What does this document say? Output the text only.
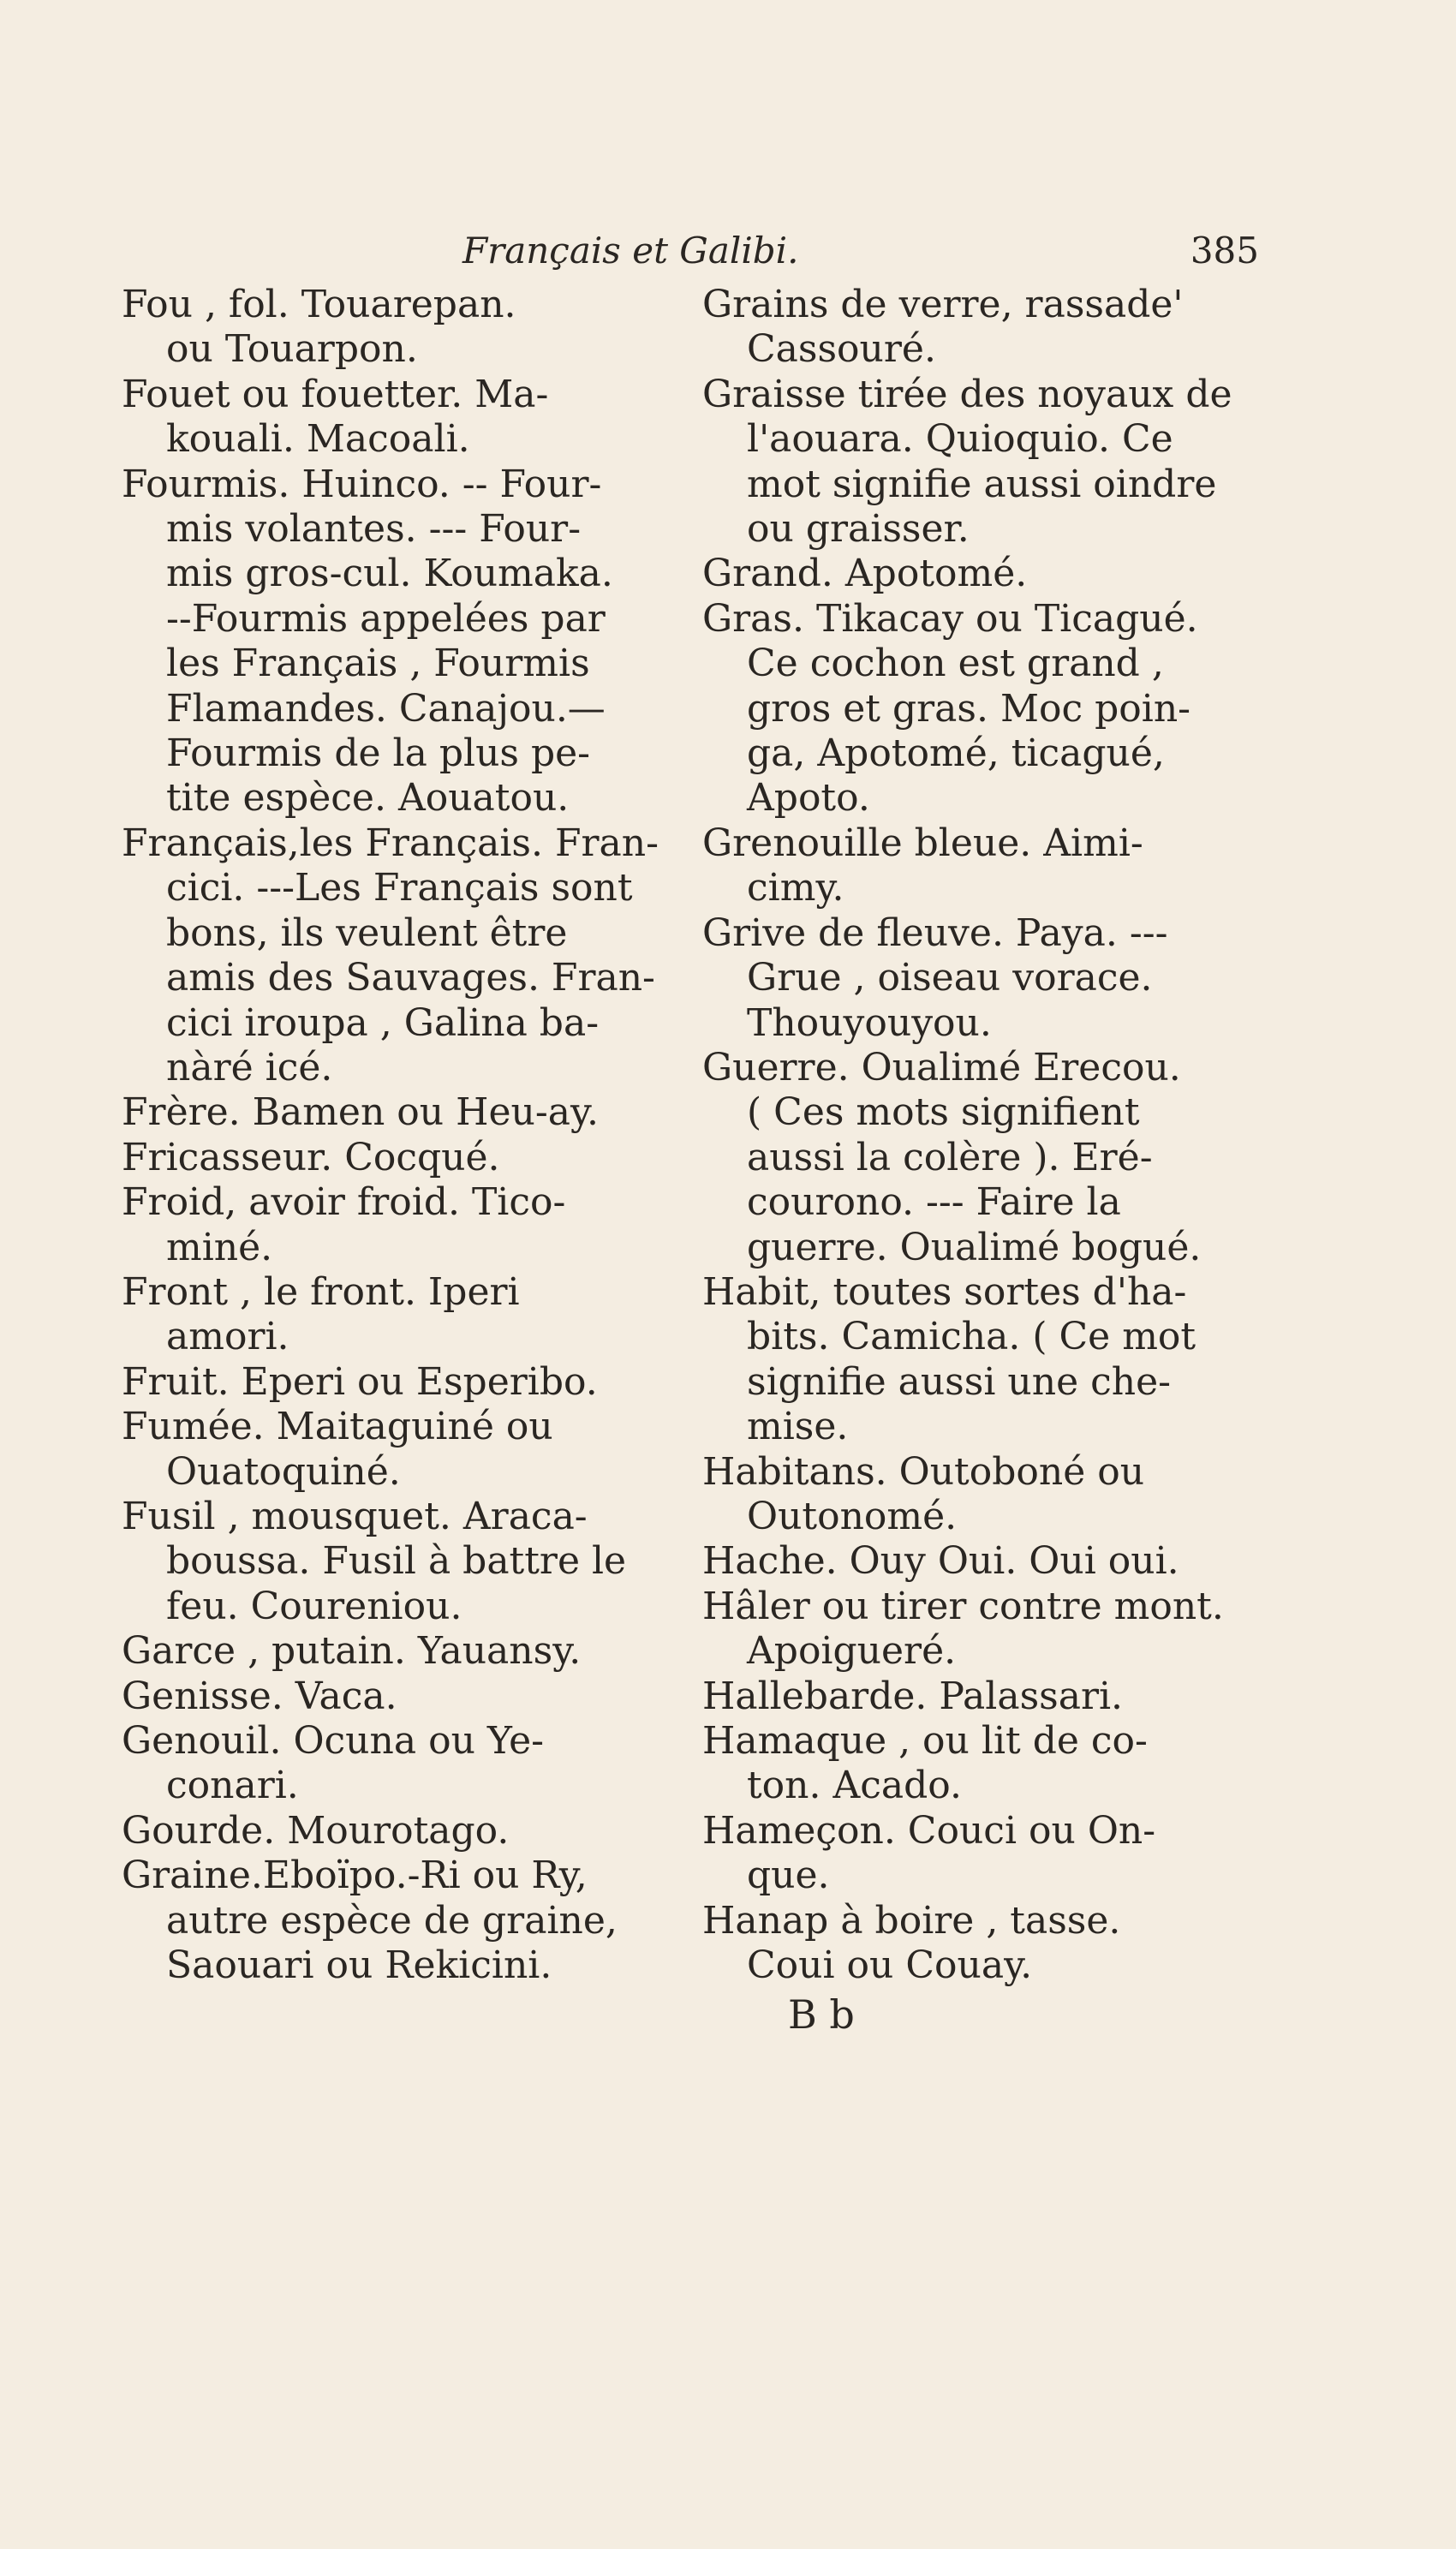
Français et Galibi.	385
Fou , fol. Touarepan.
ou Touarpon.
Fouet ou fouetter. Ma-
kouali. Macoali.
Fourmis. Huinco. -- Four-
mis volantes. --- Four-
mis gros-cul. Koumaka.
--Fourmis appelées par
les Français , Fourmis
Flamandes. Canajou.—
Fourmis de la plus pe-
tite espèce. Aouatou.
Français,les Français. Fran-
cici. ---Les Français sont
bons, ils veulent être
amis des Sauvages. Fran-
cici iroupa , Galina ba-
nàré icé.
Frère. Bamen ou Heu-ay.
Fricasseur. Cocqué.
Froid, avoir froid. Tico-
miné.
Front , le front. Iperi
amori.
Fruit. Eperi ou Esperibo.
Fumée. Maitaguiné ou
Ouatoquiné.
Fusil , mousquet. Araca-
boussa. Fusil à battre le
feu. Coureniou.
Garce , putain. Yauansy.
Genisse. Vaca.
Genouil. Ocuna ou Ye-
conari.
Gourde. Mourotago.
Graine.Eboïpo.-Ri ou Ry,
autre espèce de graine,
Saouari ou Rekicini.
Grains de verre, rassade'
Cassouré.
Graisse tirée des noyaux de
l'aouara. Quioquio. Ce
mot signifie aussi oindre
ou graisser.
Grand. Apotomé.
Gras. Tikacay ou Ticagué.
Ce cochon est grand ,
gros et gras. Moc poin-
ga, Apotomé, ticagué,
Apoto.
Grenouille bleue. Aimi-
cimy.
Grive de fleuve. Paya. ---
Grue , oiseau vorace.
Thouyouyou.
Guerre. Oualimé Erecou.
( Ces mots signifient
aussi la colère ). Eré-
courono. --- Faire la
guerre. Oualimé bogué.
Habit, toutes sortes d'ha-
bits. Camicha. ( Ce mot
signifie aussi une che-
mise.
Habitans. Outoboné ou
Outonomé.
Hache. Ouy Oui. Oui oui.
Hâler ou tirer contre mont.
Apoigueré.
Hallebarde. Palassari.
Hamaque , ou lit de co-
ton. Acado.
Hameçon. Couci ou On-
que.
Hanap à boire , tasse.
Coui ou Couay.
B b
